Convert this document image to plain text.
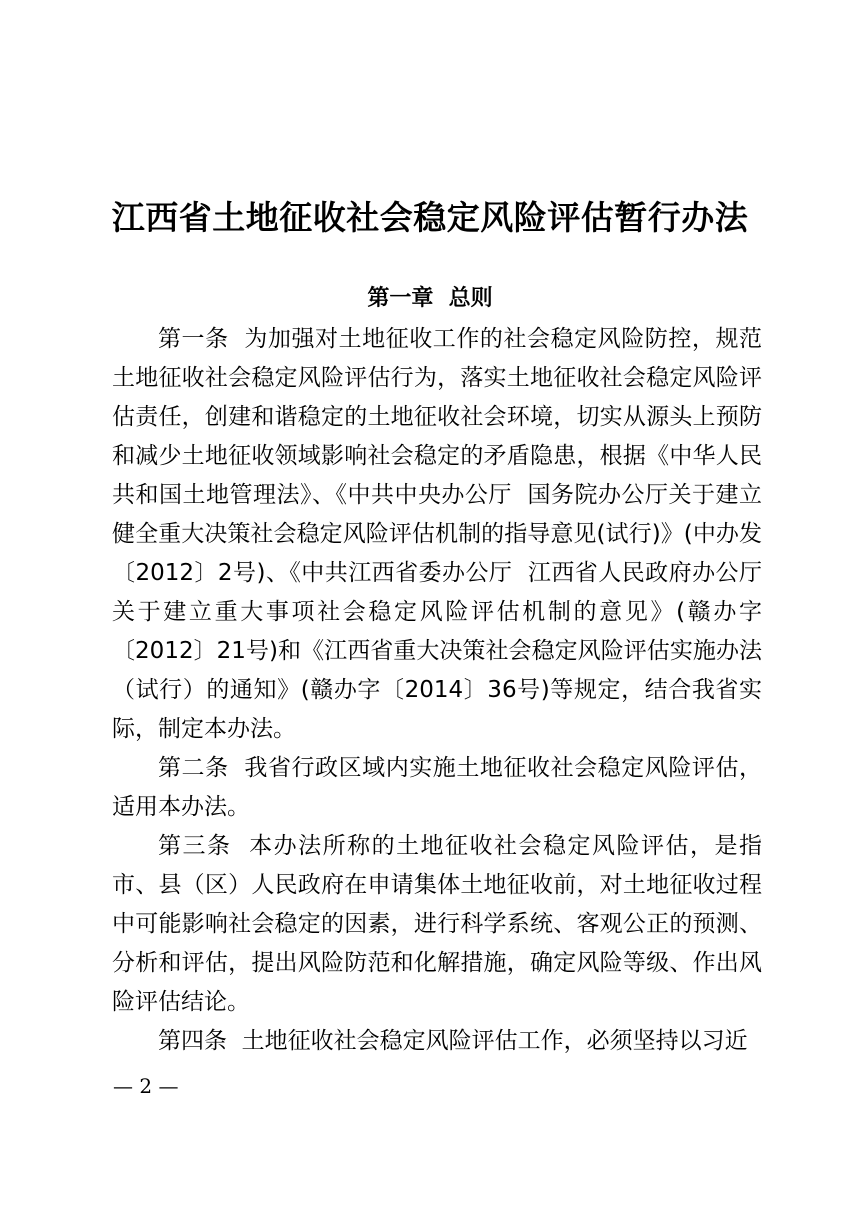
江西省土地征收社会稳定风险评估暂行办法
第一章  总则

第一条  为加强对土地征收工作的社会稳定风险防控，规范土地征收社会稳定风险评估行为，落实土地征收社会稳定风险评估责任，创建和谐稳定的土地征收社会环境，切实从源头上预防和减少土地征收领域影响社会稳定的矛盾隐患，根据《中华人民共和国土地管理法》、《中共中央办公厅  国务院办公厅关于建立健全重大决策社会稳定风险评估机制的指导意见(试行)》(中办发〔2012〕2号)、《中共江西省委办公厅  江西省人民政府办公厅关于建立重大事项社会稳定风险评估机制的意见》(赣办字〔2012〕21号)和《江西省重大决策社会稳定风险评估实施办法（试行）的通知》(赣办字〔2014〕36号)等规定，结合我省实际，制定本办法。

第二条  我省行政区域内实施土地征收社会稳定风险评估，适用本办法。

第三条  本办法所称的土地征收社会稳定风险评估，是指市、县（区）人民政府在申请集体土地征收前，对土地征收过程中可能影响社会稳定的因素，进行科学系统、客观公正的预测、分析和评估，提出风险防范和化解措施，确定风险等级、作出风险评估结论。

第四条  土地征收社会稳定风险评估工作，必须坚持以习近

— 2 —
